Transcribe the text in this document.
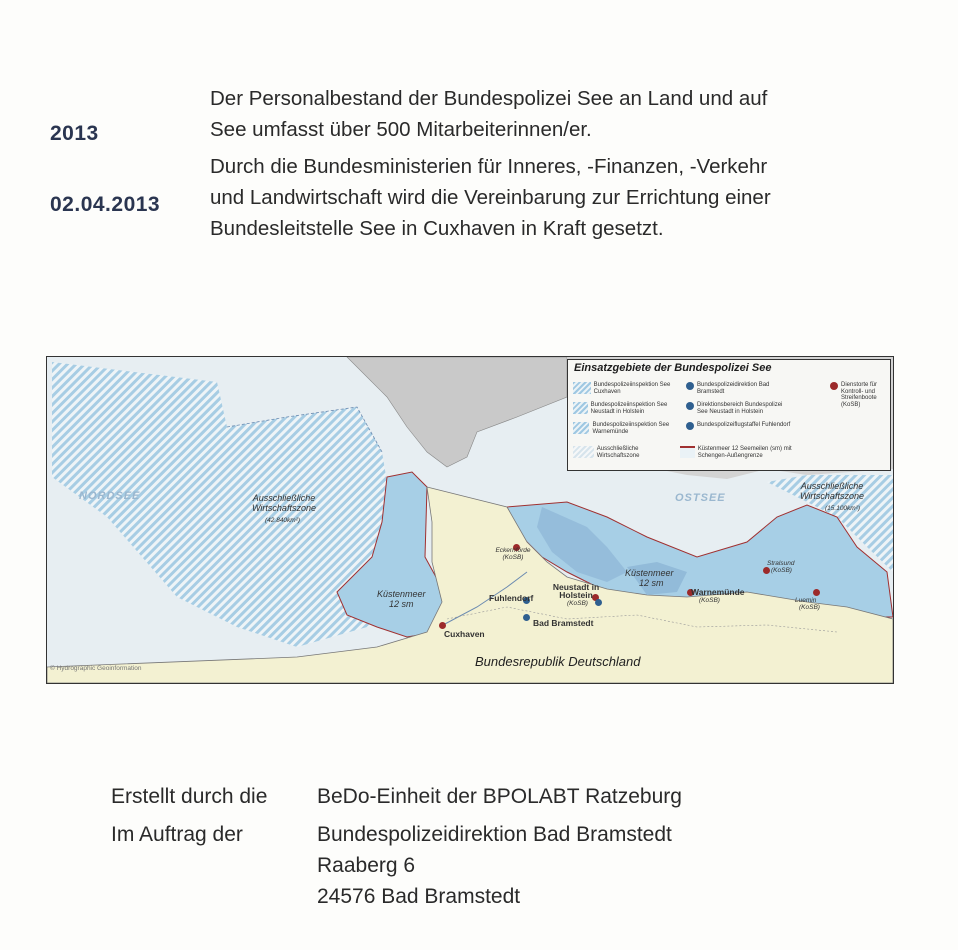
2013
Der Personalbestand der Bundespolizei See an Land und auf
See umfasst über 500 Mitarbeiterinnen/er.
02.04.2013
Durch die Bundesministerien für Inneres, -Finanzen, -Verkehr
und Landwirtschaft wird die Vereinbarung zur Errichtung einer
Bundesleitstelle See in Cuxhaven in Kraft gesetzt.
Einsatzgebiete der Bundespolizei See
Bundespolizeiinspektion See Cuxhaven
Bundespolizeiinspektion See Neustadt in Holstein
Bundespolizeiinspektion See Warnemünde
Ausschließliche Wirtschaftszone
Bundespolizeidirektion Bad Bramstedt
Direktionsbereich Bundespolizei See Neustadt in Holstein
Bundespolizeiflugstaffel Fuhlendorf
Küstenmeer 12 Seemeilen (sm) mit Schengen-Außengrenze
Dienstorte für Kontroll- und Streifenboote (KoSB)
NORDSEE	OSTSEE
Ausschließliche Wirtschaftszone
(42.840km²)
Ausschließliche Wirtschaftszone
(15.100km²)
Küstenmeer
12 sm
Küstenmeer
12 sm
Bundesrepublik Deutschland
© Hydrographic Geoinformation
Cuxhaven
Fuhlendorf
Bad Bramstedt
Eckernförde (KoSB)
Neustadt in Holstein
(KoSB)
Warnemünde
(KoSB)
Stralsund
(KoSB)
Luemin
(KoSB)
Erstellt durch die BeDo-Einheit der BPOLABT Ratzeburg
Im Auftrag der	Bundespolizeidirektion Bad Bramstedt
Raaberg 6
24576 Bad Bramstedt
